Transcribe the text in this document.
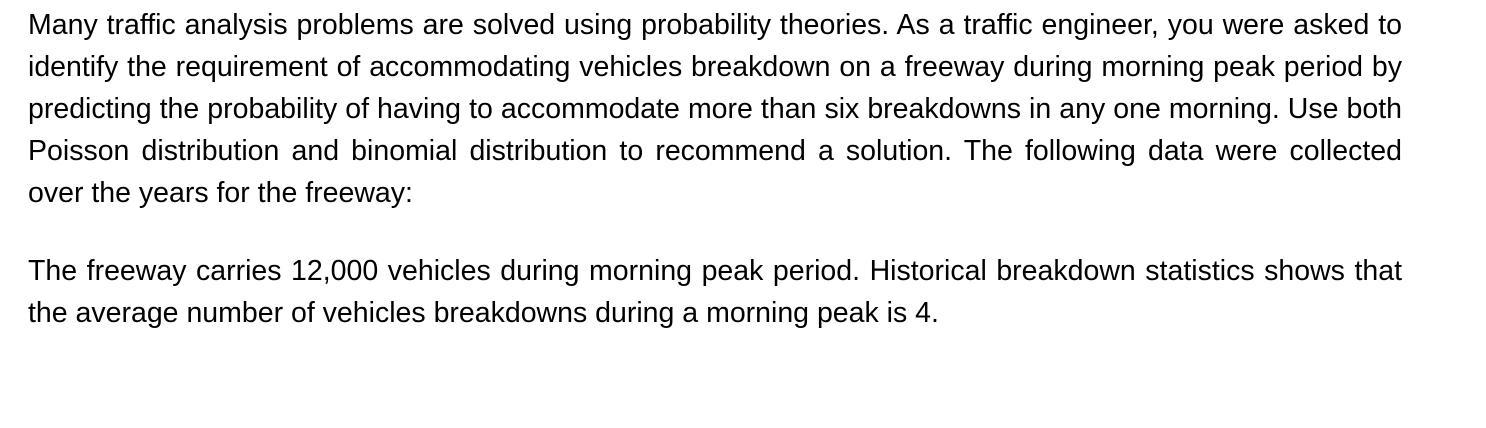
Many traffic analysis problems are solved using probability theories. As a traffic engineer, you were asked to identify the requirement of accommodating vehicles breakdown on a freeway during morning peak period by predicting the probability of having to accommodate more than six breakdowns in any one morning. Use both Poisson distribution and binomial distribution to recommend a solution. The following data were collected over the years for the freeway:

The freeway carries 12,000 vehicles during morning peak period. Historical breakdown statistics shows that the average number of vehicles breakdowns during a morning peak is 4.
